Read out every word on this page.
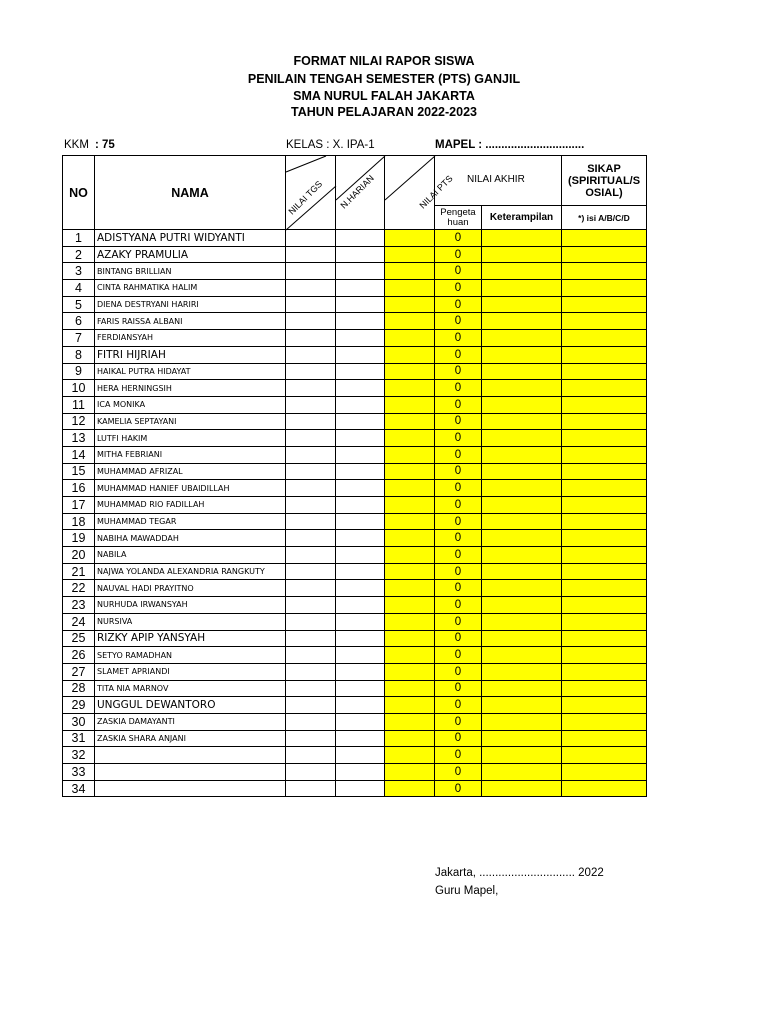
FORMAT NILAI RAPOR SISWA
PENILAIN TENGAH SEMESTER (PTS) GANJIL
SMA NURUL FALAH JAKARTA
TAHUN PELAJARAN 2022-2023
KKM : 75	KELAS : X. IPA-1	MAPEL : ...............................
NILAI AKHIR
NO	NAMA	NILAI TGS	N.HARIAN	NILAI PTS			SIKAP (SPIRITUAL/S OSIAL)
					Pengeta huan	Keterampilan	*) isi A/B/C/D
1	ADISTYANA PUTRI WIDYANTI				0		
2	AZAKY PRAMULIA				0		
3	BINTANG BRILLIAN				0		
4	CINTA RAHMATIKA HALIM				0		
5	DIENA DESTRYANI HARIRI				0		
6	FARIS RAISSA ALBANI				0		
7	FERDIANSYAH				0		
8	FITRI HIJRIAH				0		
9	HAIKAL PUTRA HIDAYAT				0		
10	HERA HERNINGSIH				0		
11	ICA MONIKA				0		
12	KAMELIA SEPTAYANI				0		
13	LUTFI HAKIM				0		
14	MITHA FEBRIANI				0		
15	MUHAMMAD AFRIZAL				0		
16	MUHAMMAD HANIEF UBAIDILLAH				0		
17	MUHAMMAD RIO FADILLAH				0		
18	MUHAMMAD TEGAR				0		
19	NABIHA MAWADDAH				0		
20	NABILA				0		
21	NAJWA YOLANDA ALEXANDRIA RANGKUTY				0		
22	NAUVAL HADI PRAYITNO				0		
23	NURHUDA IRWANSYAH				0		
24	NURSIVA				0		
25	RIZKY APIP YANSYAH				0		
26	SETYO RAMADHAN				0		
27	SLAMET APRIANDI				0		
28	TITA NIA MARNOV				0		
29	UNGGUL DEWANTORO				0		
30	ZASKIA DAMAYANTI				0		
31	ZASKIA SHARA ANJANI				0		
32					0		
33					0		
34					0		
Jakarta, .............................. 2022
Guru Mapel,
